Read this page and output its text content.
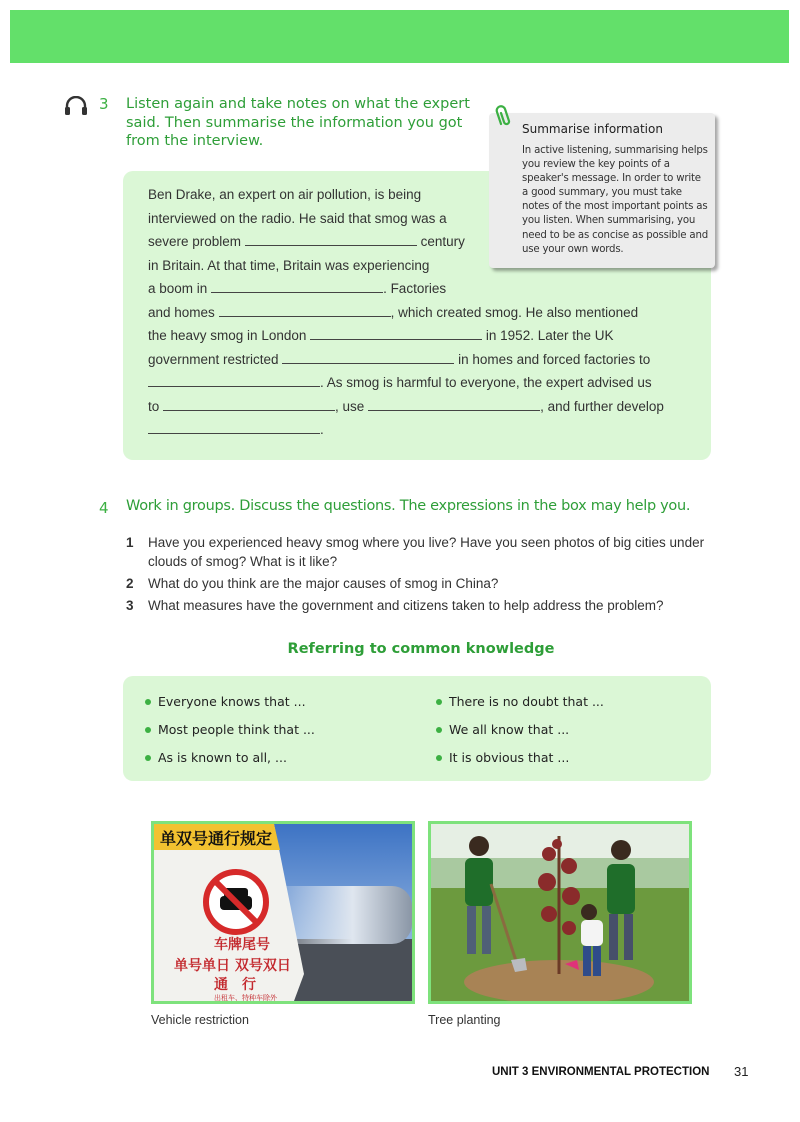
3 Listen again and take notes on what the expert said. Then summarise the information you got from the interview.
Ben Drake, an expert on air pollution, is being
interviewed on the radio. He said that smog was a
severe problem	century
in Britain. At that time, Britain was experiencing
a boom in	. Factories
and homes	, which created smog. He also mentioned
the heavy smog in London	in 1952. Later the UK
government restricted	in homes and forced factories to
. As smog is harmful to everyone, the expert advised us
to	, use	, and further develop
.
Summarise information
In active listening, summarising helps you review the key points of a speaker's message. In order to write a good summary, you must take notes of the most important points as you listen. When summarising, you need to be as concise as possible and use your own words.
4 Work in groups. Discuss the questions. The expressions in the box may help you.
1 Have you experienced heavy smog where you live? Have you seen photos of big cities under clouds of smog? What is it like?
2 What do you think are the major causes of smog in China?
3 What measures have the government and citizens taken to help address the problem?
Referring to common knowledge
Everyone knows that ...
Most people think that ...
As is known to all, ...
There is no doubt that ...
We all know that ...
It is obvious that ...
单双号通行规定
车牌尾号
单号单日 双号双日
通　行
出租车、特种车除外
Vehicle restriction	Tree planting
UNIT 3 ENVIRONMENTAL PROTECTION 31
